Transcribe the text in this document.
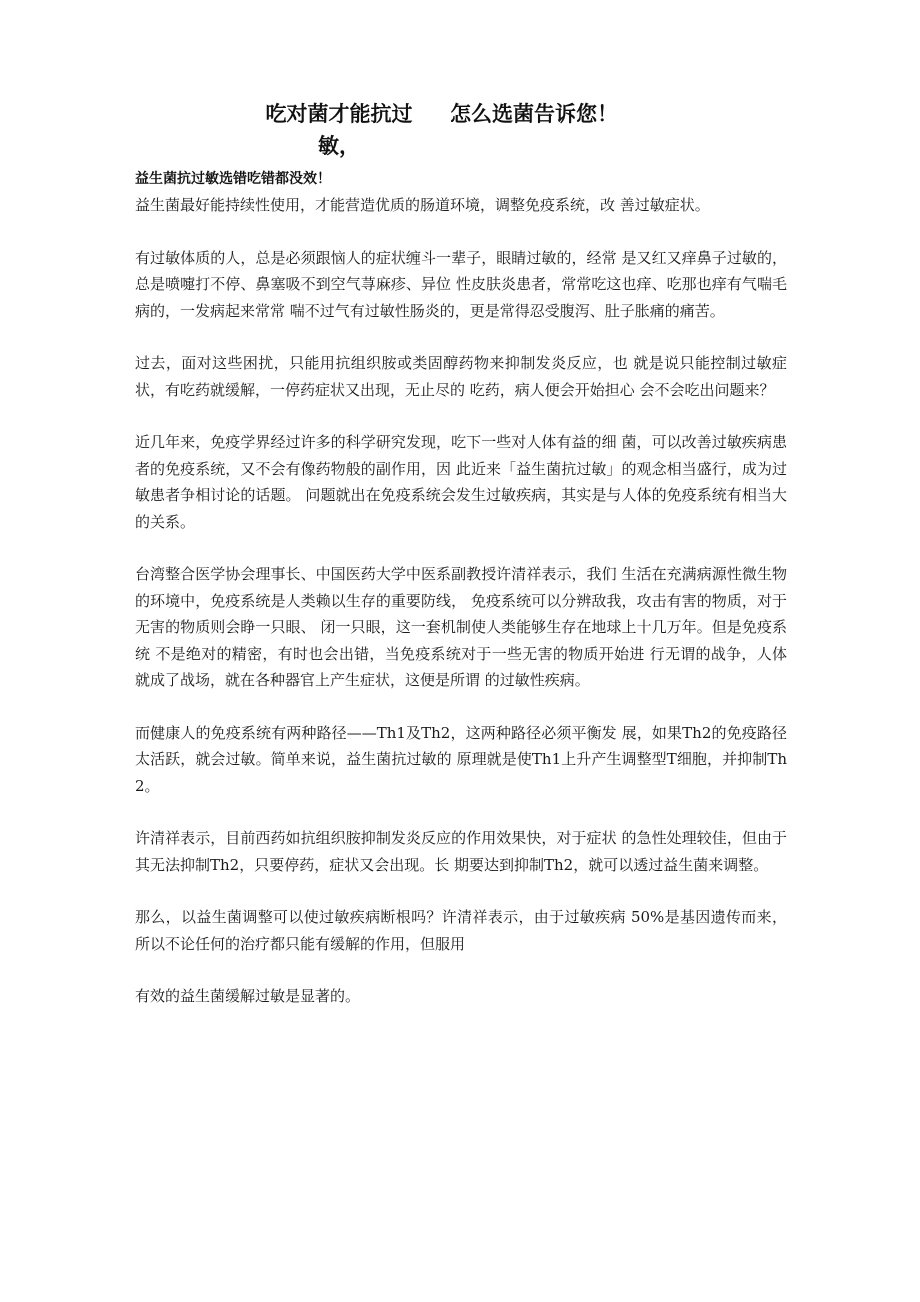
吃对菌才能抗过敏，
怎么选菌告诉您！

益生菌抗过敏选错吃错都没效！

益生菌最好能持续性使用，才能营造优质的肠道环境，调整免疫系统，改 善过敏症状。

有过敏体质的人，总是必须跟恼人的症状缠斗一辈子，眼睛过敏的，经常 是又红又痒鼻子过敏的，总是喷嚏打不停、鼻塞吸不到空气荨麻疹、异位 性皮肤炎患者，常常吃这也痒、吃那也痒有气喘毛病的，一发病起来常常 喘不过气有过敏性肠炎的，更是常得忍受腹泻、肚子胀痛的痛苦。

过去，面对这些困扰，只能用抗组织胺或类固醇药物来抑制发炎反应，也 就是说只能控制过敏症状，有吃药就缓解，一停药症状又出现，无止尽的 吃药，病人便会开始担心 会不会吃出问题来？

近几年来，免疫学界经过许多的科学研究发现，吃下一些对人体有益的细 菌，可以改善过敏疾病患者的免疫系统，又不会有像药物般的副作用，因 此近来「益生菌抗过敏」的观念相当盛行，成为过敏患者争相讨论的话题。 问题就出在免疫系统会发生过敏疾病，其实是与人体的免疫系统有相当大 的关系。

台湾整合医学协会理事长、中国医药大学中医系副教授许清祥表示，我们 生活在充满病源性微生物的环境中，免疫系统是人类赖以生存的重要防线， 免疫系统可以分辨敌我，攻击有害的物质，对于无害的物质则会睁一只眼、 闭一只眼，这一套机制使人类能够生存在地球上十几万年。但是免疫系统 不是绝对的精密，有时也会出错，当免疫系统对于一些无害的物质开始进 行无谓的战争，人体就成了战场，就在各种器官上产生症状，这便是所谓 的过敏性疾病。

而健康人的免疫系统有两种路径——Th1及Th2，这两种路径必须平衡发 展，如果Th2的免疫路径太活跃，就会过敏。简单来说，益生菌抗过敏的 原理就是使Th1上升产生调整型T细胞，并抑制Th2。

许清祥表示，目前西药如抗组织胺抑制发炎反应的作用效果快，对于症状 的急性处理较佳，但由于其无法抑制Th2，只要停药，症状又会出现。长 期要达到抑制Th2，就可以透过益生菌来调整。

那么，以益生菌调整可以使过敏疾病断根吗？许清祥表示，由于过敏疾病 50%是基因遗传而来，所以不论任何的治疗都只能有缓解的作用，但服用

有效的益生菌缓解过敏是显著的。
